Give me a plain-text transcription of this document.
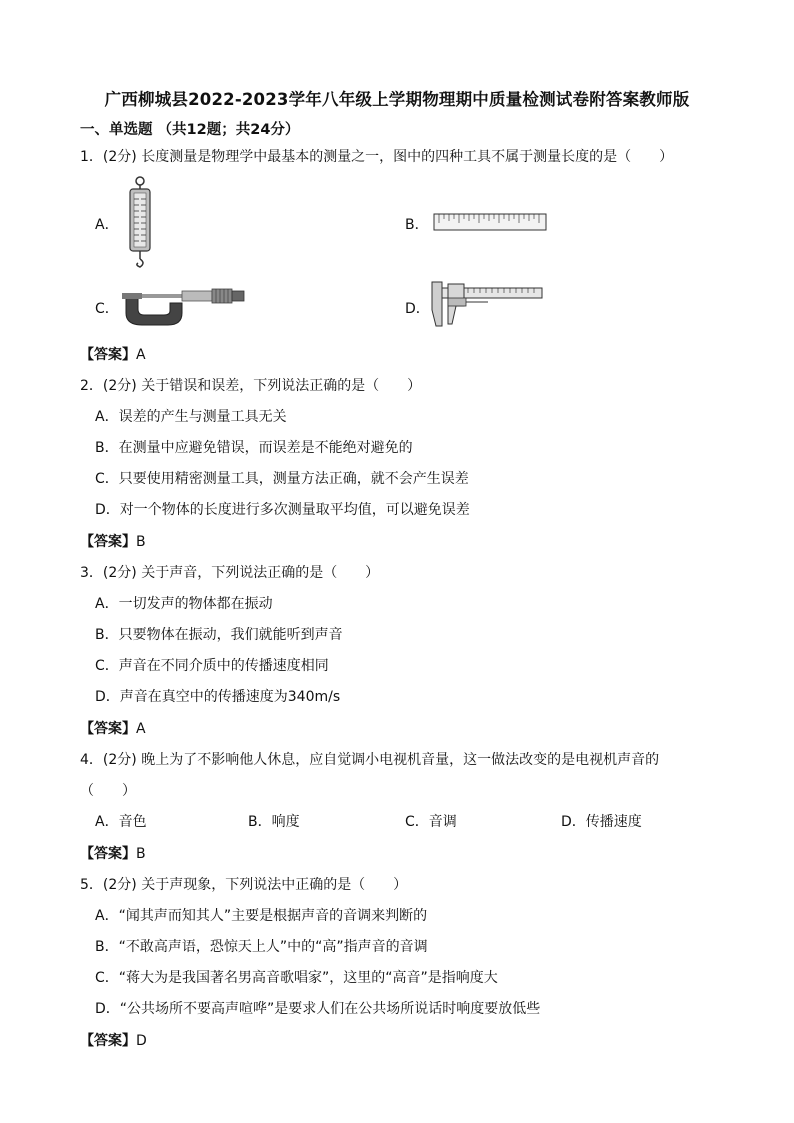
广西柳城县2022-2023学年八年级上学期物理期中质量检测试卷附答案教师版
一、单选题 （共12题；共24分）
1．(2分) 长度测量是物理学中最基本的测量之一，图中的四种工具不属于测量长度的是（　　）
A．	B．
C．	D．
【答案】A
2．(2分) 关于错误和误差，下列说法正确的是（　　）
A．误差的产生与测量工具无关
B．在测量中应避免错误，而误差是不能绝对避免的
C．只要使用精密测量工具，测量方法正确，就不会产生误差
D．对一个物体的长度进行多次测量取平均值，可以避免误差
【答案】B
3．(2分) 关于声音，下列说法正确的是（　　）
A．一切发声的物体都在振动
B．只要物体在振动，我们就能听到声音
C．声音在不同介质中的传播速度相同
D．声音在真空中的传播速度为340m/s
【答案】A
4．(2分) 晚上为了不影响他人休息，应自觉调小电视机音量，这一做法改变的是电视机声音的
（　　）
A．音色	B．响度	C．音调	D．传播速度
【答案】B
5．(2分) 关于声现象，下列说法中正确的是（　　）
A．“闻其声而知其人”主要是根据声音的音调来判断的
B．“不敢高声语，恐惊天上人”中的“高”指声音的音调
C．“蒋大为是我国著名男高音歌唱家”，这里的“高音”是指响度大
D．“公共场所不要高声喧哗”是要求人们在公共场所说话时响度要放低些
【答案】D
